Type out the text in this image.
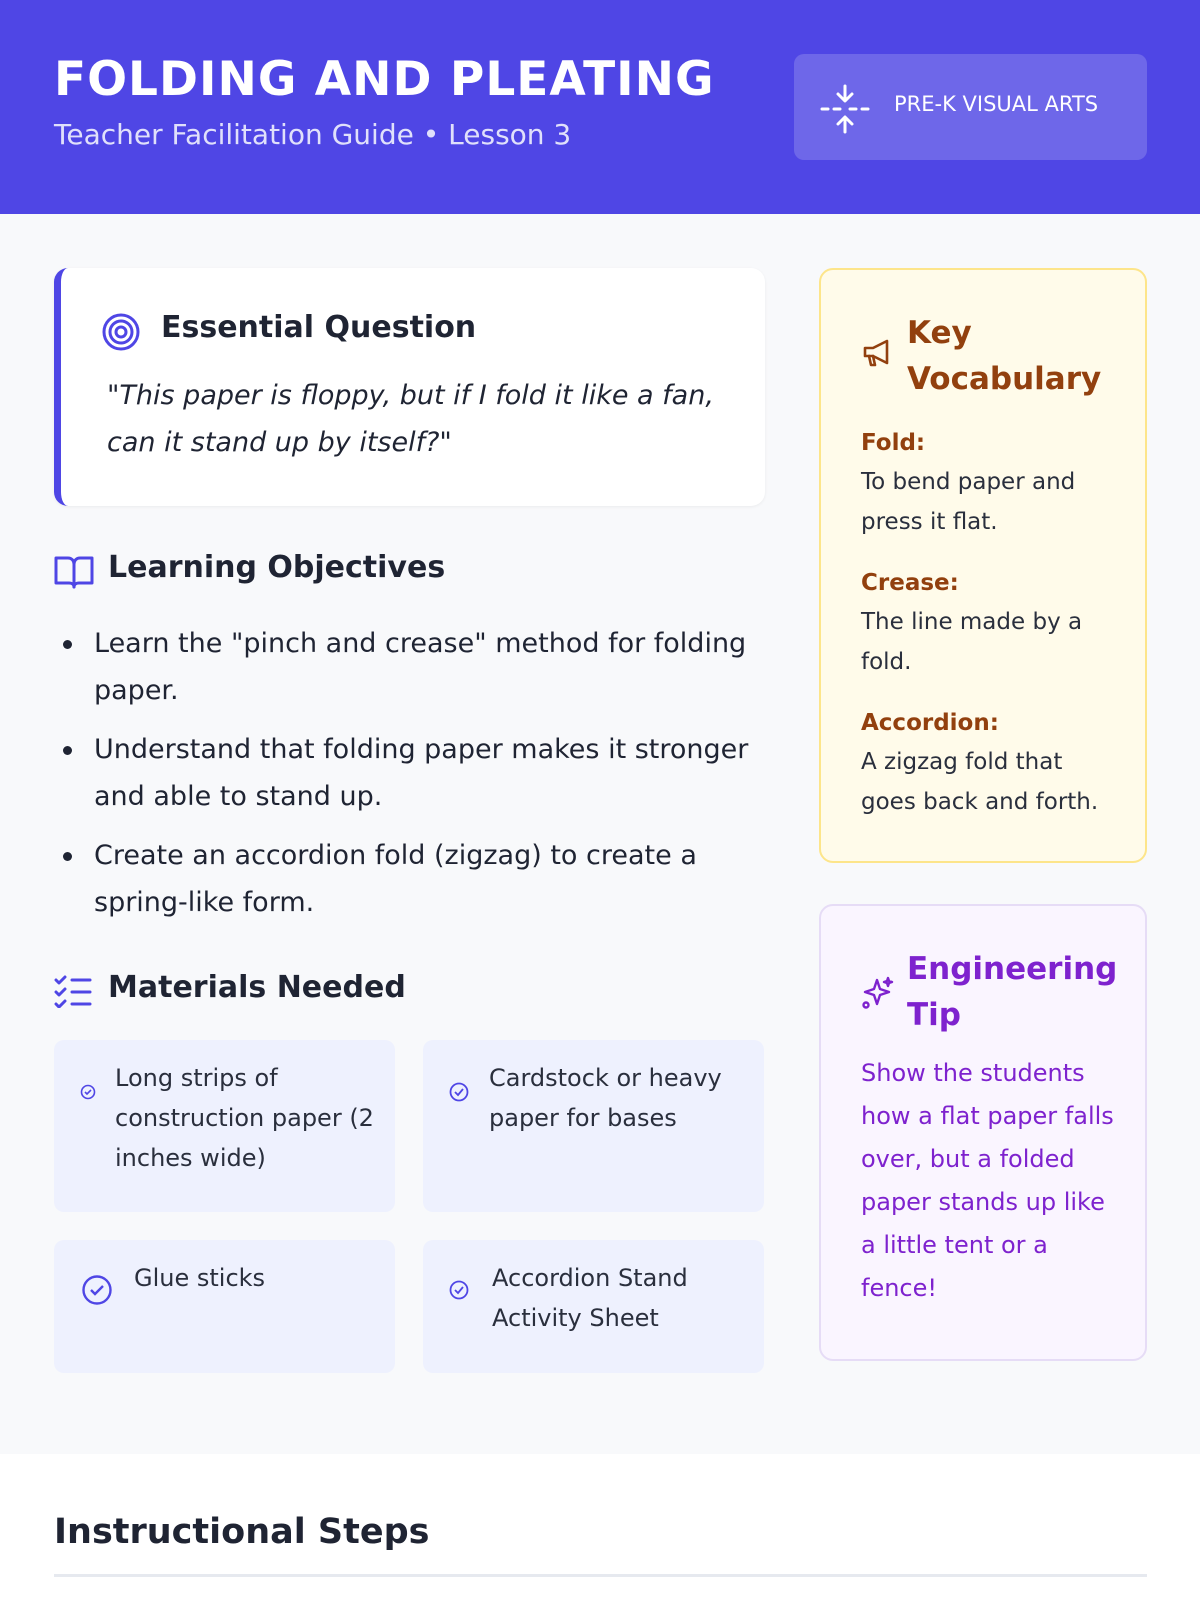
FOLDING AND PLEATING
Teacher Facilitation Guide • Lesson 3
PRE-K VISUAL ARTS
Essential Question
"This paper is floppy, but if I fold it like a fan, can it stand up by itself?"
Learning Objectives
Learn the "pinch and crease" method for folding paper.
Understand that folding paper makes it stronger and able to stand up.
Create an accordion fold (zigzag) to create a spring-like form.
Materials Needed
Long strips of construction paper (2 inches wide)
Cardstock or heavy paper for bases
Glue sticks	Accordion Stand Activity Sheet
Key Vocabulary
Fold:
To bend paper and press it flat.
Crease:
The line made by a fold.
Accordion:
A zigzag fold that goes back and forth.
Engineering Tip
Show the students how a flat paper falls over, but a folded paper stands up like a little tent or a fence!
Instructional Steps
